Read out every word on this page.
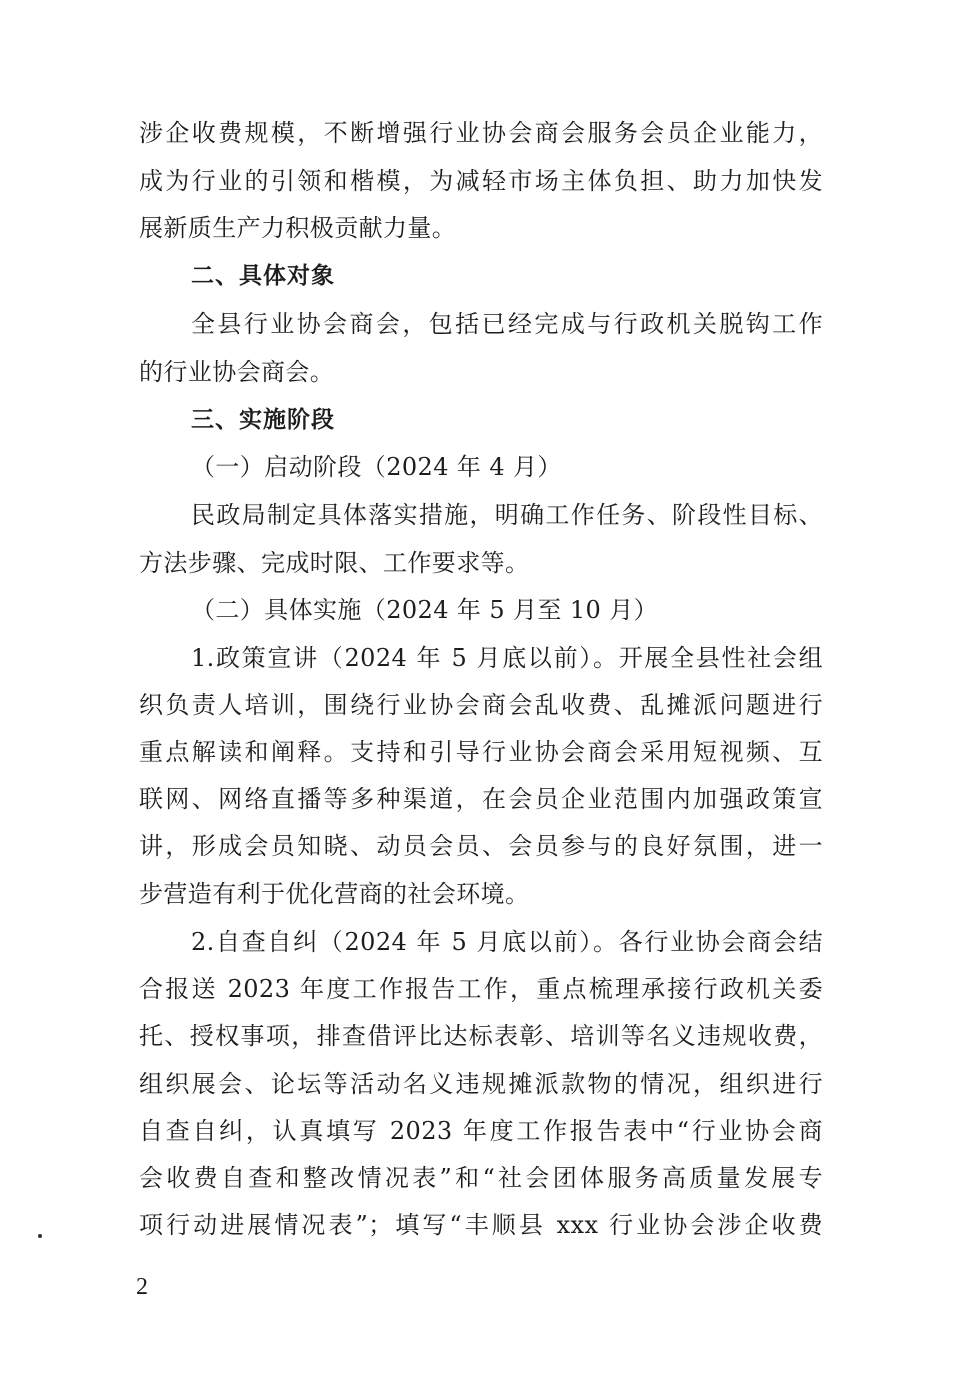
涉企收费规模，不断增强行业协会商会服务会员企业能力，
成为行业的引领和楷模，为减轻市场主体负担、助力加快发
展新质生产力积极贡献力量。
二、具体对象
全县行业协会商会，包括已经完成与行政机关脱钩工作
的行业协会商会。
三、实施阶段
（一）启动阶段（2024 年 4 月）
民政局制定具体落实措施，明确工作任务、阶段性目标、
方法步骤、完成时限、工作要求等。
（二）具体实施（2024 年 5 月至 10 月）
1.政策宣讲（2024 年 5 月底以前）。开展全县性社会组
织负责人培训，围绕行业协会商会乱收费、乱摊派问题进行
重点解读和阐释。支持和引导行业协会商会采用短视频、互
联网、网络直播等多种渠道，在会员企业范围内加强政策宣
讲，形成会员知晓、动员会员、会员参与的良好氛围，进一
步营造有利于优化营商的社会环境。
2.自查自纠（2024 年 5 月底以前）。各行业协会商会结
合报送 2023 年度工作报告工作，重点梳理承接行政机关委
托、授权事项，排查借评比达标表彰、培训等名义违规收费，
组织展会、论坛等活动名义违规摊派款物的情况，组织进行
自查自纠，认真填写 2023 年度工作报告表中“行业协会商
会收费自查和整改情况表”和“社会团体服务高质量发展专
项行动进展情况表”；填写“丰顺县 xxx 行业协会涉企收费
2
